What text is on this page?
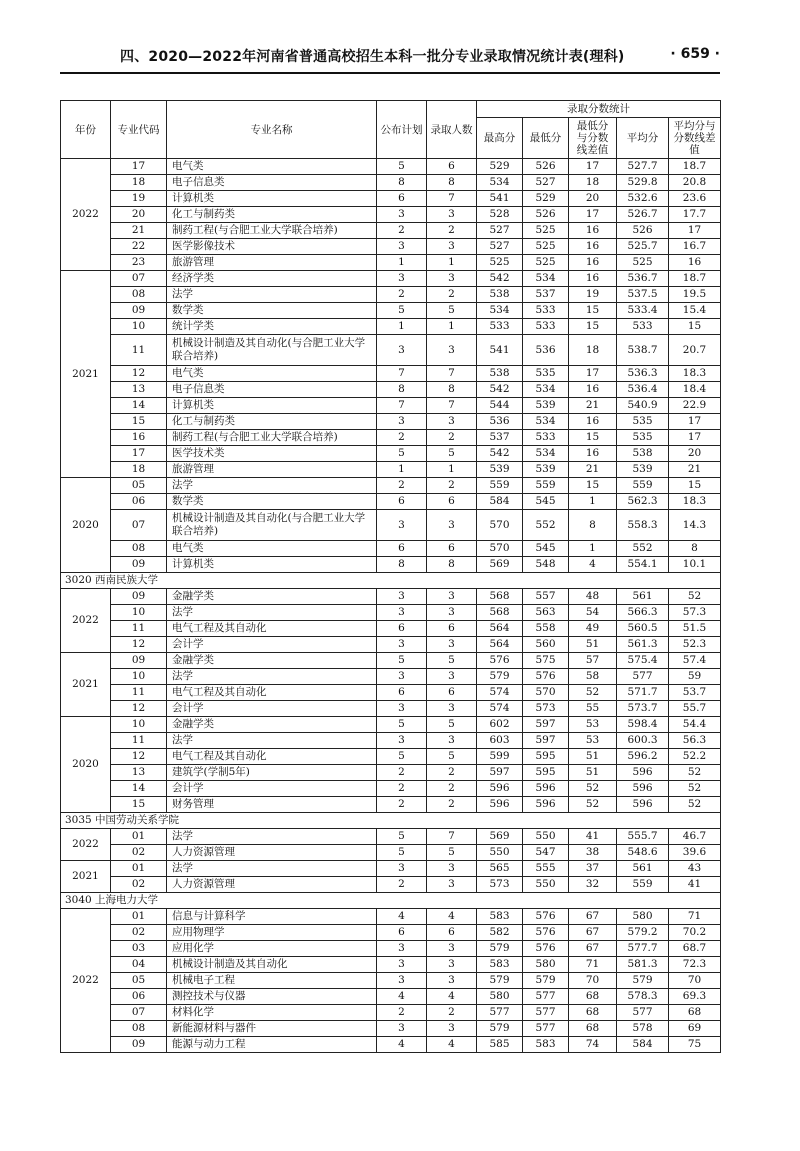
四、2020—2022年河南省普通高校招生本科一批分专业录取情况统计表(理科)	· 659 ·
年份	专业代码	专业名称	公布计划	录取人数	录取分数统计				
					最高分	最低分	最低分与分数线差值	平均分	平均分与分数线差值
2022	17	电气类	5	6	529	526	17	527.7	18.7
	18	电子信息类	8	8	534	527	18	529.8	20.8
	19	计算机类	6	7	541	529	20	532.6	23.6
	20	化工与制药类	3	3	528	526	17	526.7	17.7
	21	制药工程(与合肥工业大学联合培养)	2	2	527	525	16	526	17
	22	医学影像技术	3	3	527	525	16	525.7	16.7
	23	旅游管理	1	1	525	525	16	525	16
2021	07	经济学类	3	3	542	534	16	536.7	18.7
	08	法学	2	2	538	537	19	537.5	19.5
	09	数学类	5	5	534	533	15	533.4	15.4
	10	统计学类	1	1	533	533	15	533	15
	11	机械设计制造及其自动化(与合肥工业大学联合培养)	3	3	541	536	18	538.7	20.7
	12	电气类	7	7	538	535	17	536.3	18.3
	13	电子信息类	8	8	542	534	16	536.4	18.4
	14	计算机类	7	7	544	539	21	540.9	22.9
	15	化工与制药类	3	3	536	534	16	535	17
	16	制药工程(与合肥工业大学联合培养)	2	2	537	533	15	535	17
	17	医学技术类	5	5	542	534	16	538	20
	18	旅游管理	1	1	539	539	21	539	21
2020	05	法学	2	2	559	559	15	559	15
	06	数学类	6	6	584	545	1	562.3	18.3
	07	机械设计制造及其自动化(与合肥工业大学联合培养)	3	3	570	552	8	558.3	14.3
	08	电气类	6	6	570	545	1	552	8
	09	计算机类	8	8	569	548	4	554.1	10.1
3020 西南民族大学									
2022	09	金融学类	3	3	568	557	48	561	52
	10	法学	3	3	568	563	54	566.3	57.3
	11	电气工程及其自动化	6	6	564	558	49	560.5	51.5
	12	会计学	3	3	564	560	51	561.3	52.3
2021	09	金融学类	5	5	576	575	57	575.4	57.4
	10	法学	3	3	579	576	58	577	59
	11	电气工程及其自动化	6	6	574	570	52	571.7	53.7
	12	会计学	3	3	574	573	55	573.7	55.7
2020	10	金融学类	5	5	602	597	53	598.4	54.4
	11	法学	3	3	603	597	53	600.3	56.3
	12	电气工程及其自动化	5	5	599	595	51	596.2	52.2
	13	建筑学(学制5年)	2	2	597	595	51	596	52
	14	会计学	2	2	596	596	52	596	52
	15	财务管理	2	2	596	596	52	596	52
3035 中国劳动关系学院									
2022	01	法学	5	7	569	550	41	555.7	46.7
	02	人力资源管理	5	5	550	547	38	548.6	39.6
2021	01	法学	3	3	565	555	37	561	43
	02	人力资源管理	2	3	573	550	32	559	41
3040 上海电力大学									
2022	01	信息与计算科学	4	4	583	576	67	580	71
	02	应用物理学	6	6	582	576	67	579.2	70.2
	03	应用化学	3	3	579	576	67	577.7	68.7
	04	机械设计制造及其自动化	3	3	583	580	71	581.3	72.3
	05	机械电子工程	3	3	579	579	70	579	70
	06	测控技术与仪器	4	4	580	577	68	578.3	69.3
	07	材料化学	2	2	577	577	68	577	68
	08	新能源材料与器件	3	3	579	577	68	578	69
	09	能源与动力工程	4	4	585	583	74	584	75
